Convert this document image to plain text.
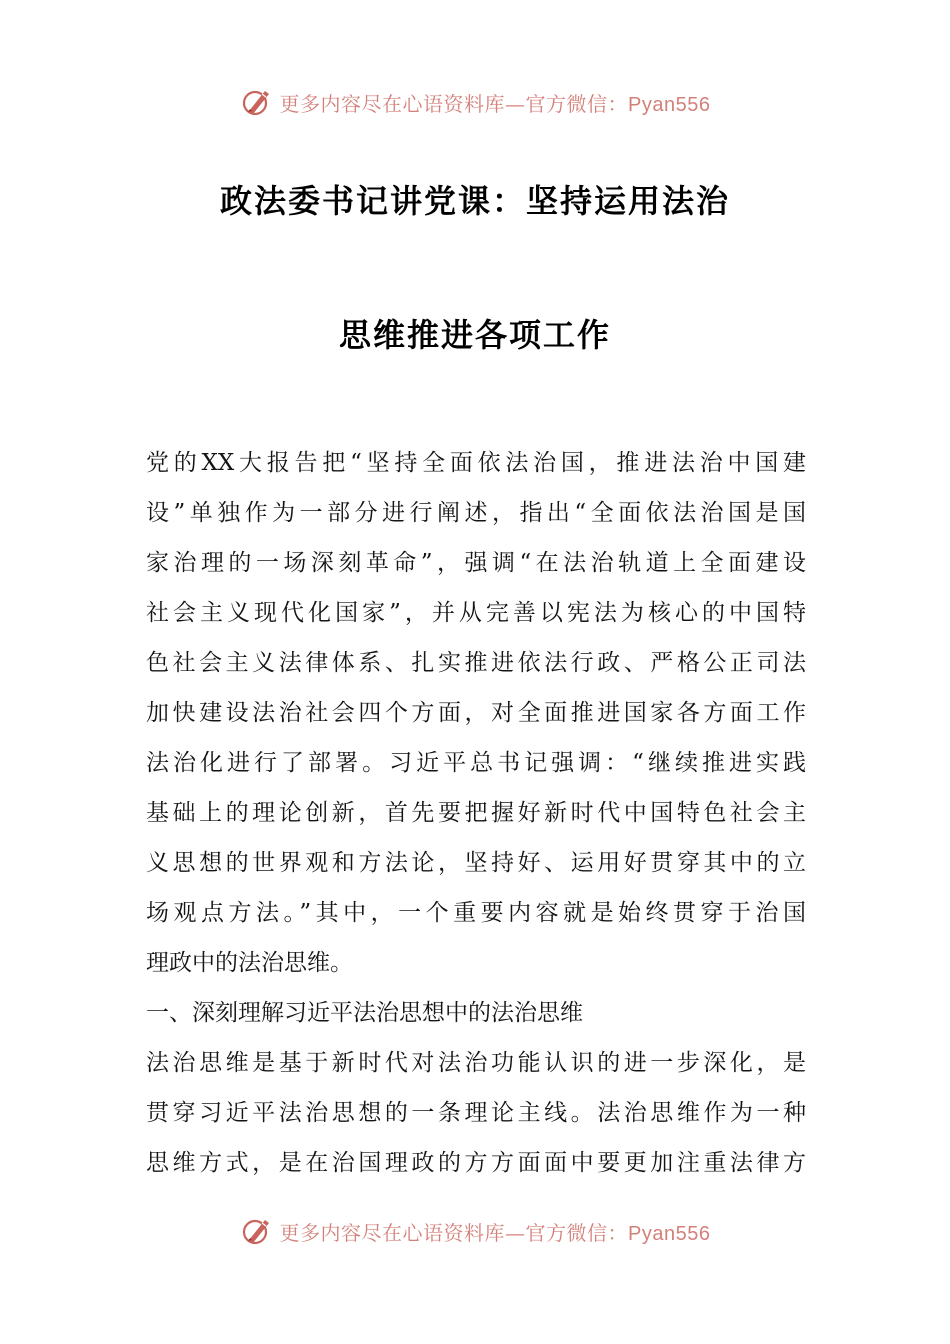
更多内容尽在心语资料库—官方微信：Pyan556
政法委书记讲党课：坚持运用法治
思维推进各项工作
党的XX大报告把“坚持全面依法治国，推进法治中国建
设”单独作为一部分进行阐述，指出“全面依法治国是国
家治理的一场深刻革命”，强调“在法治轨道上全面建设
社会主义现代化国家”，并从完善以宪法为核心的中国特
色社会主义法律体系、扎实推进依法行政、严格公正司法
加快建设法治社会四个方面，对全面推进国家各方面工作
法治化进行了部署。习近平总书记强调：“继续推进实践
基础上的理论创新，首先要把握好新时代中国特色社会主
义思想的世界观和方法论，坚持好、运用好贯穿其中的立
场观点方法。”其中，一个重要内容就是始终贯穿于治国
理政中的法治思维。
一、深刻理解习近平法治思想中的法治思维
法治思维是基于新时代对法治功能认识的进一步深化，是
贯穿习近平法治思想的一条理论主线。法治思维作为一种
思维方式，是在治国理政的方方面面中要更加注重法律方
更多内容尽在心语资料库—官方微信：Pyan556
